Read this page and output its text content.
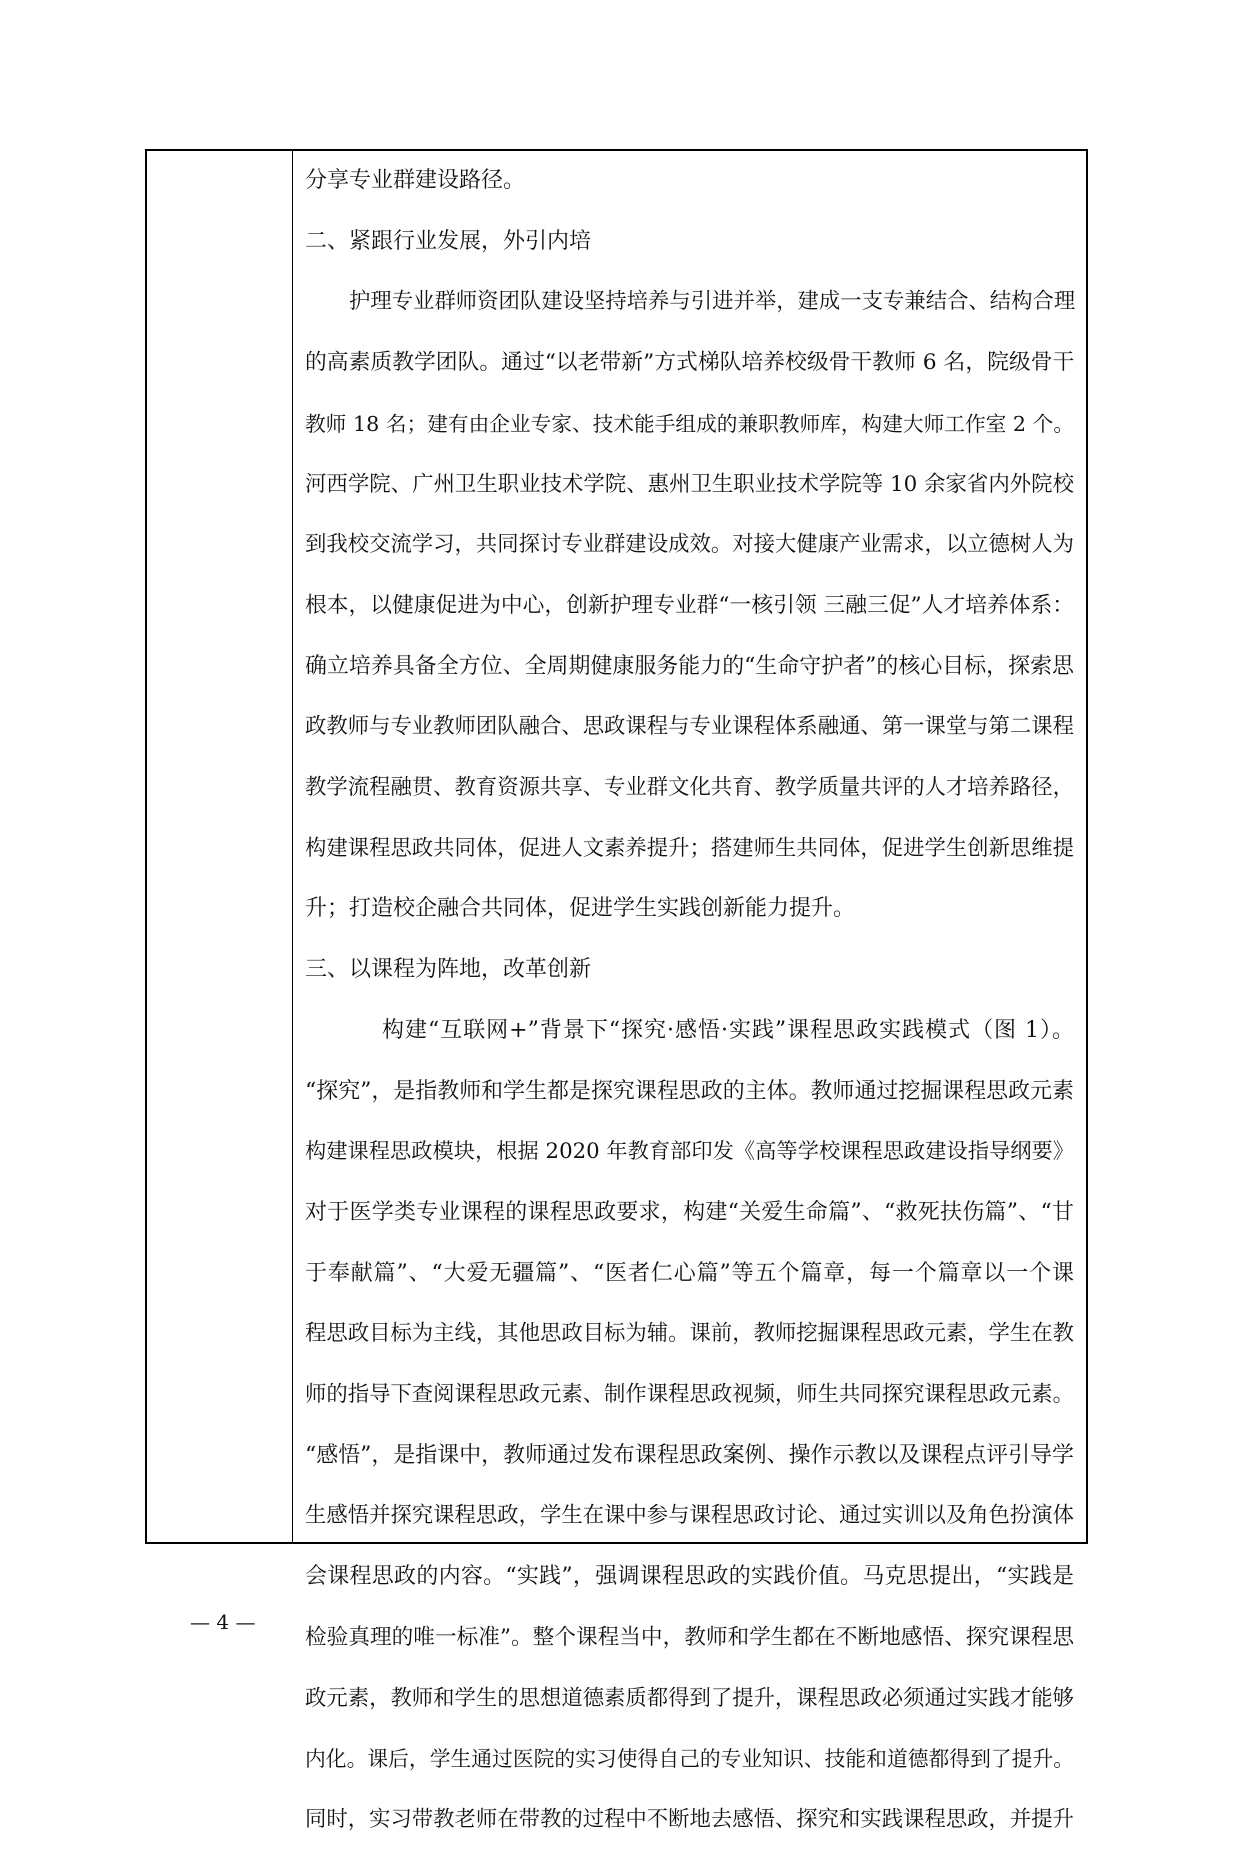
分享专业群建设路径。
二、紧跟行业发展，外引内培
护理专业群师资团队建设坚持培养与引进并举，建成一支专兼结合、结构合理
的高素质教学团队。通过“以老带新”方式梯队培养校级骨干教师 6 名，院级骨干
教师 18 名；建有由企业专家、技术能手组成的兼职教师库，构建大师工作室 2 个。
河西学院、广州卫生职业技术学院、惠州卫生职业技术学院等 10 余家省内外院校
到我校交流学习，共同探讨专业群建设成效。对接大健康产业需求，以立德树人为
根本，以健康促进为中心，创新护理专业群“一核引领 三融三促”人才培养体系：
确立培养具备全方位、全周期健康服务能力的“生命守护者”的核心目标，探索思
政教师与专业教师团队融合、思政课程与专业课程体系融通、第一课堂与第二课程
教学流程融贯、教育资源共享、专业群文化共育、教学质量共评的人才培养路径，
构建课程思政共同体，促进人文素养提升；搭建师生共同体，促进学生创新思维提
升；打造校企融合共同体，促进学生实践创新能力提升。
三、以课程为阵地，改革创新
构建“互联网+”背景下“探究·感悟·实践”课程思政实践模式（图 1）。
“探究”，是指教师和学生都是探究课程思政的主体。教师通过挖掘课程思政元素
构建课程思政模块，根据 2020 年教育部印发《高等学校课程思政建设指导纲要》
对于医学类专业课程的课程思政要求，构建“关爱生命篇”、“救死扶伤篇”、“甘
于奉献篇”、“大爱无疆篇”、“医者仁心篇”等五个篇章，每一个篇章以一个课
程思政目标为主线，其他思政目标为辅。课前，教师挖掘课程思政元素，学生在教
师的指导下查阅课程思政元素、制作课程思政视频，师生共同探究课程思政元素。
“感悟”，是指课中，教师通过发布课程思政案例、操作示教以及课程点评引导学
生感悟并探究课程思政，学生在课中参与课程思政讨论、通过实训以及角色扮演体
会课程思政的内容。“实践”，强调课程思政的实践价值。马克思提出，“实践是
检验真理的唯一标准”。整个课程当中，教师和学生都在不断地感悟、探究课程思
政元素，教师和学生的思想道德素质都得到了提升，课程思政必须通过实践才能够
内化。课后，学生通过医院的实习使得自己的专业知识、技能和道德都得到了提升。
同时，实习带教老师在带教的过程中不断地去感悟、探究和实践课程思政，并提升
— 4 —
